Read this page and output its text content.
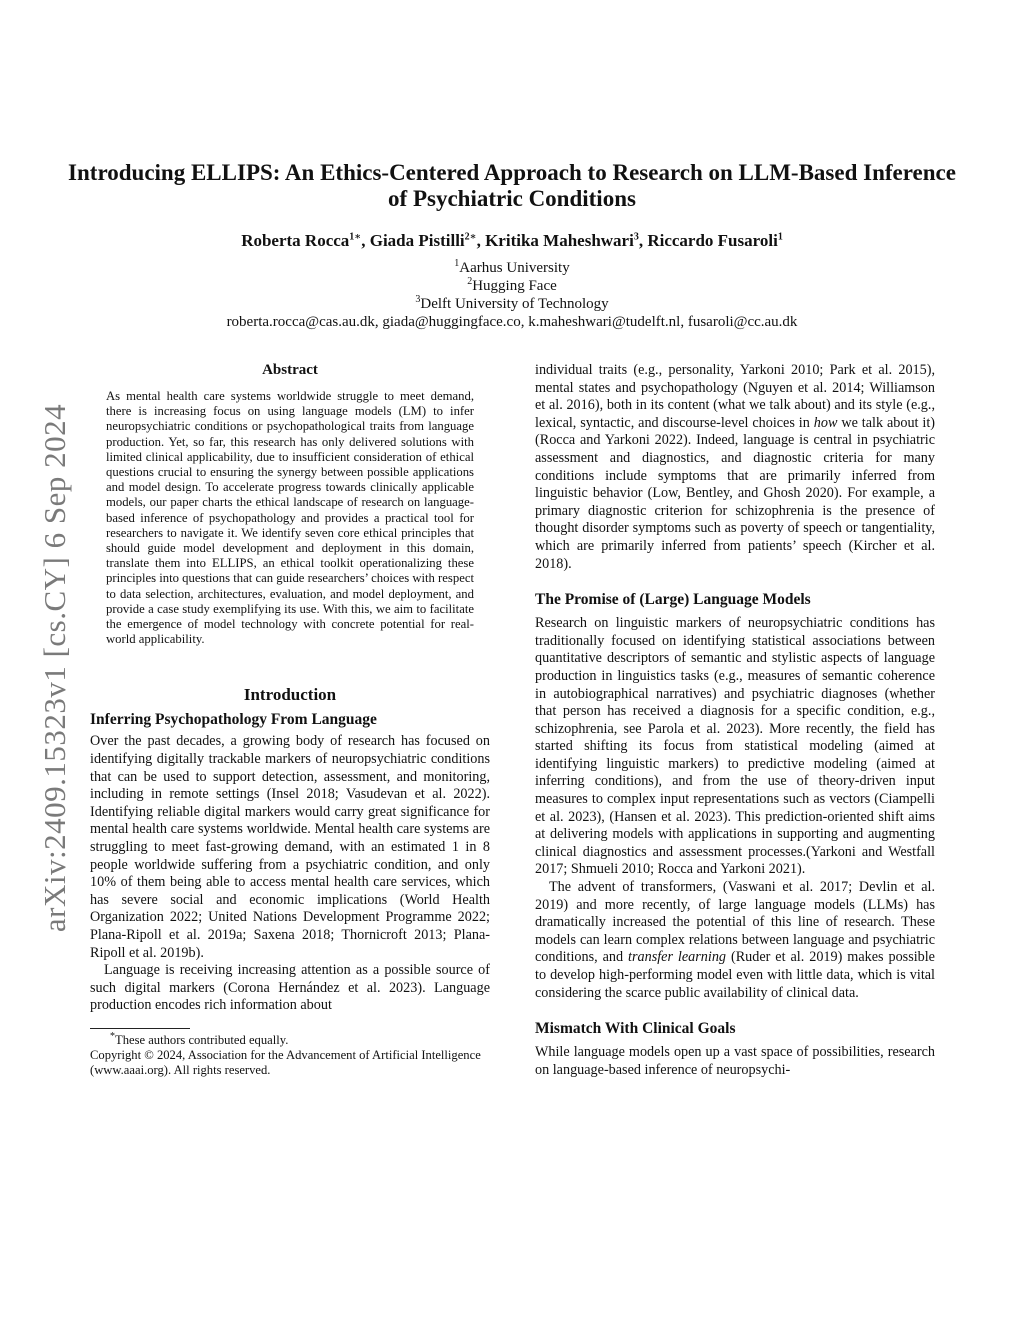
arXiv:2409.15323v1 [cs.CY] 6 Sep 2024
Introducing ELLIPS: An Ethics-Centered Approach to Research on LLM-Based Inference of Psychiatric Conditions
Roberta Rocca$^{1∗}$, Giada Pistilli$^{2∗}$, Kritika Maheshwari$^3$, Riccardo Fusaroli$^1$
$^1$Aarhus University
$^2$Hugging Face
$^3$Delft University of Technology
roberta.rocca@cas.au.dk, giada@huggingface.co, k.maheshwari@tudelft.nl, fusaroli@cc.au.dk
Abstract

As mental health care systems worldwide struggle to meet demand, there is increasing focus on using language models (LM) to infer neuropsychiatric conditions or psychopathological traits from language production. Yet, so far, this research has only delivered solutions with limited clinical applicability, due to insufficient consideration of ethical questions crucial to ensuring the synergy between possible applications and model design. To accelerate progress towards clinically applicable models, our paper charts the ethical landscape of research on language-based inference of psychopathology and provides a practical tool for researchers to navigate it. We identify seven core ethical principles that should guide model development and deployment in this domain, translate them into ELLIPS, an ethical toolkit operationalizing these principles into questions that can guide researchers’ choices with respect to data selection, architectures, evaluation, and model deployment, and provide a case study exemplifying its use. With this, we aim to facilitate the emergence of model technology with concrete potential for real-world applicability.

Introduction
Inferring Psychopathology From Language

Over the past decades, a growing body of research has focused on identifying digitally trackable markers of neuropsychiatric conditions that can be used to support detection, assessment, and monitoring, including in remote settings (Insel 2018; Vasudevan et al. 2022). Identifying reliable digital markers would carry great significance for mental health care systems worldwide. Mental health care systems are struggling to meet fast-growing demand, with an estimated 1 in 8 people worldwide suffering from a psychiatric condition, and only 10% of them being able to access mental health care services, which has severe social and economic implications (World Health Organization 2022; United Nations Development Programme 2022; Plana-Ripoll et al. 2019a; Saxena 2018; Thornicroft 2013; Plana-Ripoll et al. 2019b).

Language is receiving increasing attention as a possible source of such digital markers (Corona Hernández et al. 2023). Language production encodes rich information about

*These authors contributed equally.
Copyright © 2024, Association for the Advancement of Artificial Intelligence (www.aaai.org). All rights reserved.

individual traits (e.g., personality, Yarkoni 2010; Park et al. 2015), mental states and psychopathology (Nguyen et al. 2014; Williamson et al. 2016), both in its content (what we talk about) and its style (e.g., lexical, syntactic, and discourse-level choices in how we talk about it) (Rocca and Yarkoni 2022). Indeed, language is central in psychiatric assessment and diagnostics, and diagnostic criteria for many conditions include symptoms that are primarily inferred from linguistic behavior (Low, Bentley, and Ghosh 2020). For example, a primary diagnostic criterion for schizophrenia is the presence of thought disorder symptoms such as poverty of speech or tangentiality, which are primarily inferred from patients’ speech (Kircher et al. 2018).

The Promise of (Large) Language Models

Research on linguistic markers of neuropsychiatric conditions has traditionally focused on identifying statistical associations between quantitative descriptors of semantic and stylistic aspects of language production in linguistics tasks (e.g., measures of semantic coherence in autobiographical narratives) and psychiatric diagnoses (whether that person has received a diagnosis for a specific condition, e.g., schizophrenia, see Parola et al. 2023). More recently, the field has started shifting its focus from statistical modeling (aimed at identifying linguistic markers) to predictive modeling (aimed at inferring conditions), and from the use of theory-driven input measures to complex input representations such as vectors (Ciampelli et al. 2023), (Hansen et al. 2023). This prediction-oriented shift aims at delivering models with applications in supporting and augmenting clinical diagnostics and assessment processes.(Yarkoni and Westfall 2017; Shmueli 2010; Rocca and Yarkoni 2021).

The advent of transformers, (Vaswani et al. 2017; Devlin et al. 2019) and more recently, of large language models (LLMs) has dramatically increased the potential of this line of research. These models can learn complex relations between language and psychiatric conditions, and transfer learning (Ruder et al. 2019) makes possible to develop high-performing model even with little data, which is vital considering the scarce public availability of clinical data.

Mismatch With Clinical Goals

While language models open up a vast space of possibilities, research on language-based inference of neuropsychi-
